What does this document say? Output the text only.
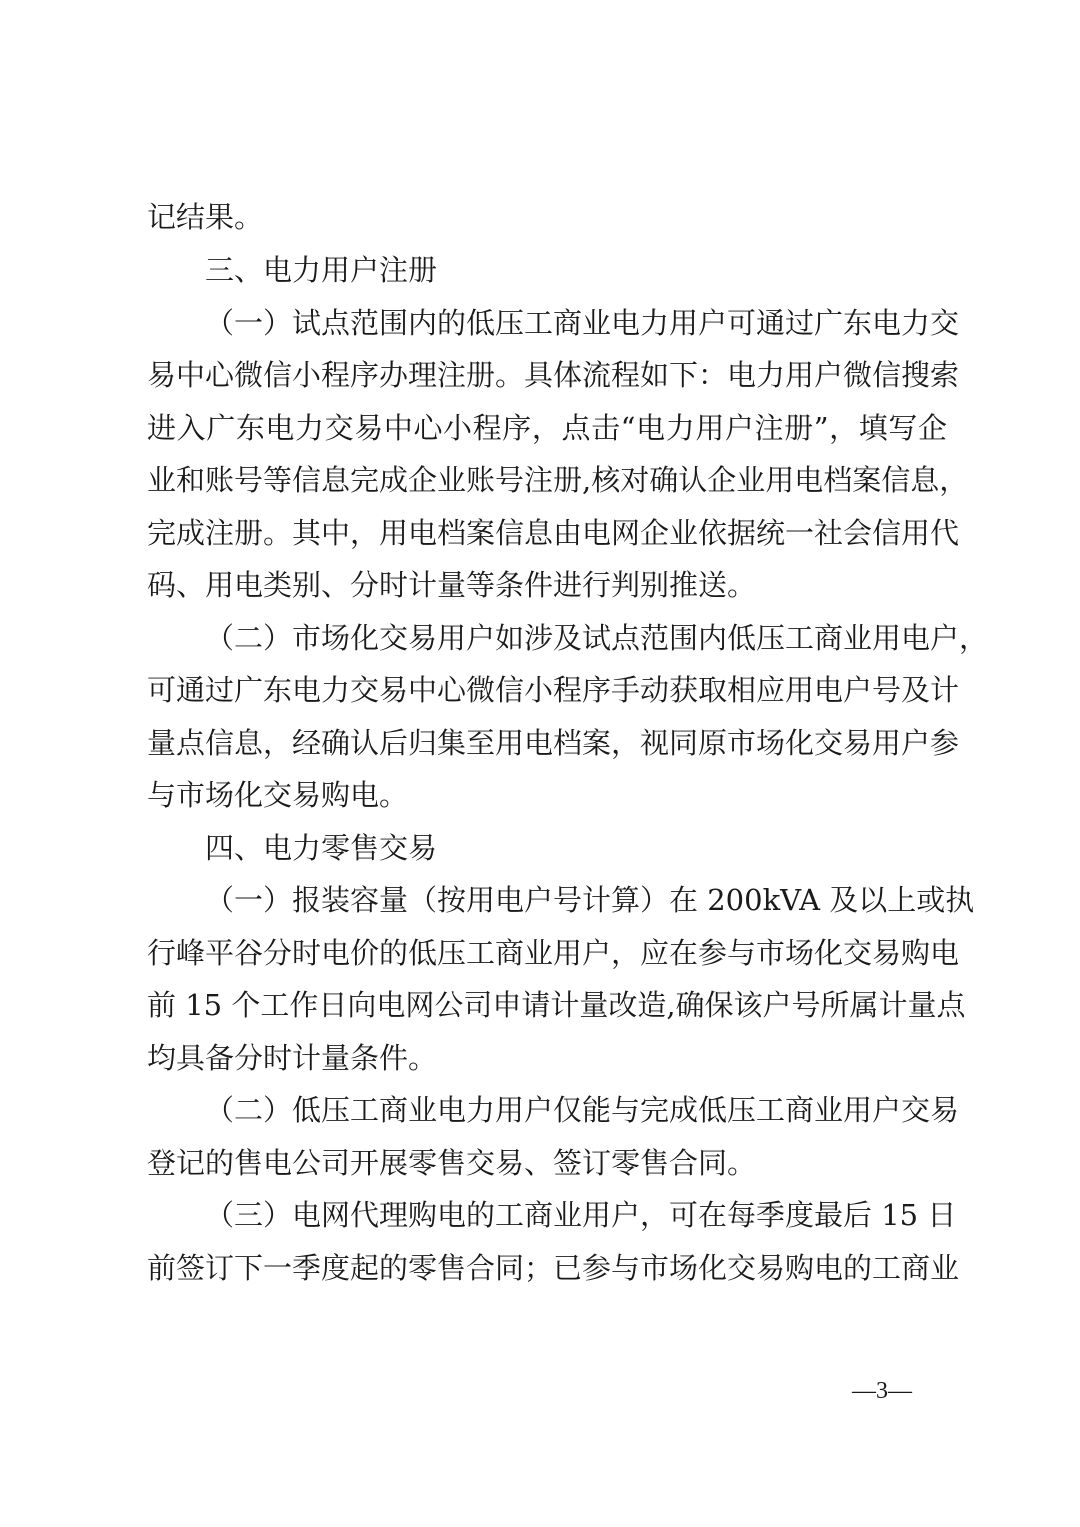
记结果。
三、电力用户注册
（一）试点范围内的低压工商业电力用户可通过广东电力交
易中心微信小程序办理注册。具体流程如下：电力用户微信搜索
进入广东电力交易中心小程序，点击“电力用户注册”，填写企
业和账号等信息完成企业账号注册,核对确认企业用电档案信息，
完成注册。其中，用电档案信息由电网企业依据统一社会信用代
码、用电类别、分时计量等条件进行判别推送。
（二）市场化交易用户如涉及试点范围内低压工商业用电户，
可通过广东电力交易中心微信小程序手动获取相应用电户号及计
量点信息，经确认后归集至用电档案，视同原市场化交易用户参
与市场化交易购电。
四、电力零售交易
（一）报装容量（按用电户号计算）在 200kVA 及以上或执
行峰平谷分时电价的低压工商业用户，应在参与市场化交易购电
前 15 个工作日向电网公司申请计量改造,确保该户号所属计量点
均具备分时计量条件。
（二）低压工商业电力用户仅能与完成低压工商业用户交易
登记的售电公司开展零售交易、签订零售合同。
（三）电网代理购电的工商业用户，可在每季度最后 15 日
前签订下一季度起的零售合同；已参与市场化交易购电的工商业
—3—
